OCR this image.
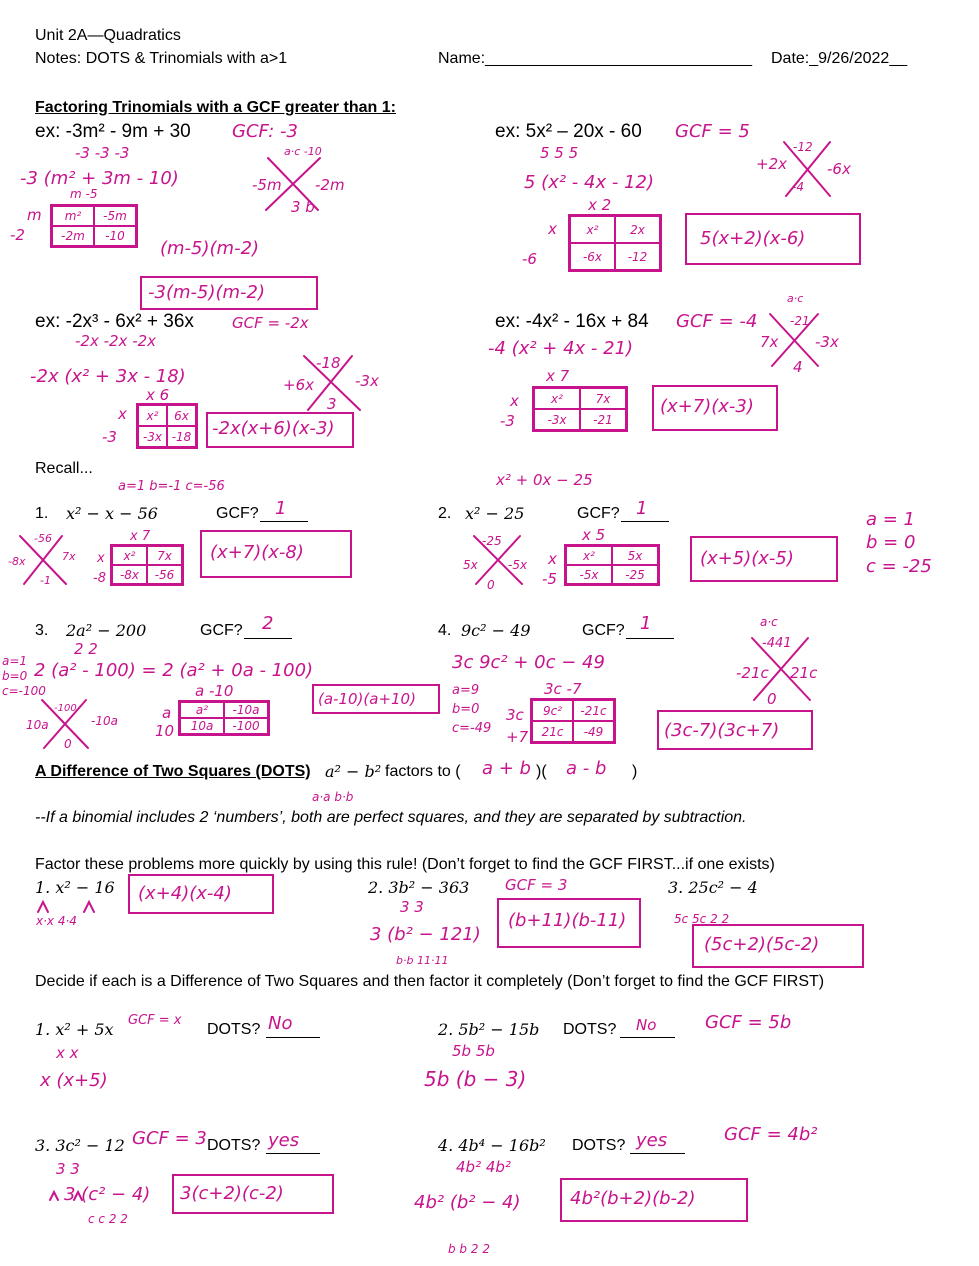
Unit 2A—Quadratics
Notes: DOTS & Trinomials with a>1	Name:______________________________ Date:_9/26/2022__
Factoring Trinomials with a GCF greater than 1:
ex: -3m² - 9m + 30 GCF: -3
-3 -3 -3
-3 (m² + 3m - 10)
a·c -10
-5m -2m
3 b
m -5
m²	-5m
-2m	-10
m
-2
(m-5)(m-2)
-3(m-5)(m-2)
ex: 5x² – 20x - 60 GCF = 5
5 5 5
5 (x² - 4x - 12)
-12
+2x	-6x
-4
x 2
x²	2x
-6x	-12
x
-6
5(x+2)(x-6)
ex: -2x³ - 6x² + 36x	GCF = -2x
-2x -2x -2x
-2x (x² + 3x - 18)
-18
+6x	-3x
3
x 6
x²	6x
-3x -18
x
-3	-2x(x+6)(x-3)
ex: -4x² - 16x + 84 GCF = -4
-4 (x² + 4x - 21)
a·c
-21
7x -3x
4
x 7
x²	7x
-3x	-21
x
-3
(x+7)(x-3)
Recall...
a=1 b=-1 c=-56	x² + 0x − 25
1. x² − x − 56	GCF? 1
-56
-8x	7x
-1
x 7
x²	7x
-8x	-56
x
-8
(x+7)(x-8)
2. x² − 25	GCF? 1
-25
5x	-5x
0
x 5
x²	5x
-5x	-25
x
-5
(x+5)(x-5)
a = 1
b = 0
c = -25
3. 2a² − 200	GCF? 2
2 2
a=1
b=0
c=-100
2 (a² - 100) = 2 (a² + 0a - 100)
-100
10a	-10a
0
a -10
a²	-10a
10a	-100
a
10
(a-10)(a+10)
4. 9c² − 49	GCF? 1
3c 9c² + 0c − 49
a=9
b=0
c=-49
3c -7
9c²	-21c
21c	-49
3c
+7
a·c
-441
-21c 21c
0
(3c-7)(3c+7)
A Difference of Two Squares (DOTS) a² − b² factors to ( a + b )( a - b )
a·a b·b
--If a binomial includes 2 ‘numbers’, both are perfect squares, and they are separated by subtraction.
Factor these problems more quickly by using this rule! (Don’t forget to find the GCF FIRST...if one exists)
1. x² − 16
x·x 4·4
(x+4)(x-4)	2. 3b² − 363 GCF = 3
3 3
3 (b² − 121)
b·b 11·11
(b+11)(b-11)
3. 25c² − 4
5c 5c 2 2
(5c+2)(5c-2)
Decide if each is a Difference of Two Squares and then factor it completely (Don’t forget to find the GCF FIRST)
1. x² + 5x GCF = x
DOTS? No
x x
x (x+5)
2. 5b² − 15b DOTS? No	GCF = 5b
5b 5b
5b (b − 3)
3. 3c² − 12 GCF = 3 DOTS? yes
3 3
3 (c² − 4)
c c 2 2
3(c+2)(c-2)
4. 4b⁴ − 16b² DOTS? yes	GCF = 4b²
4b² 4b²
4b² (b² − 4)
b b 2 2
4b²(b+2)(b-2)
